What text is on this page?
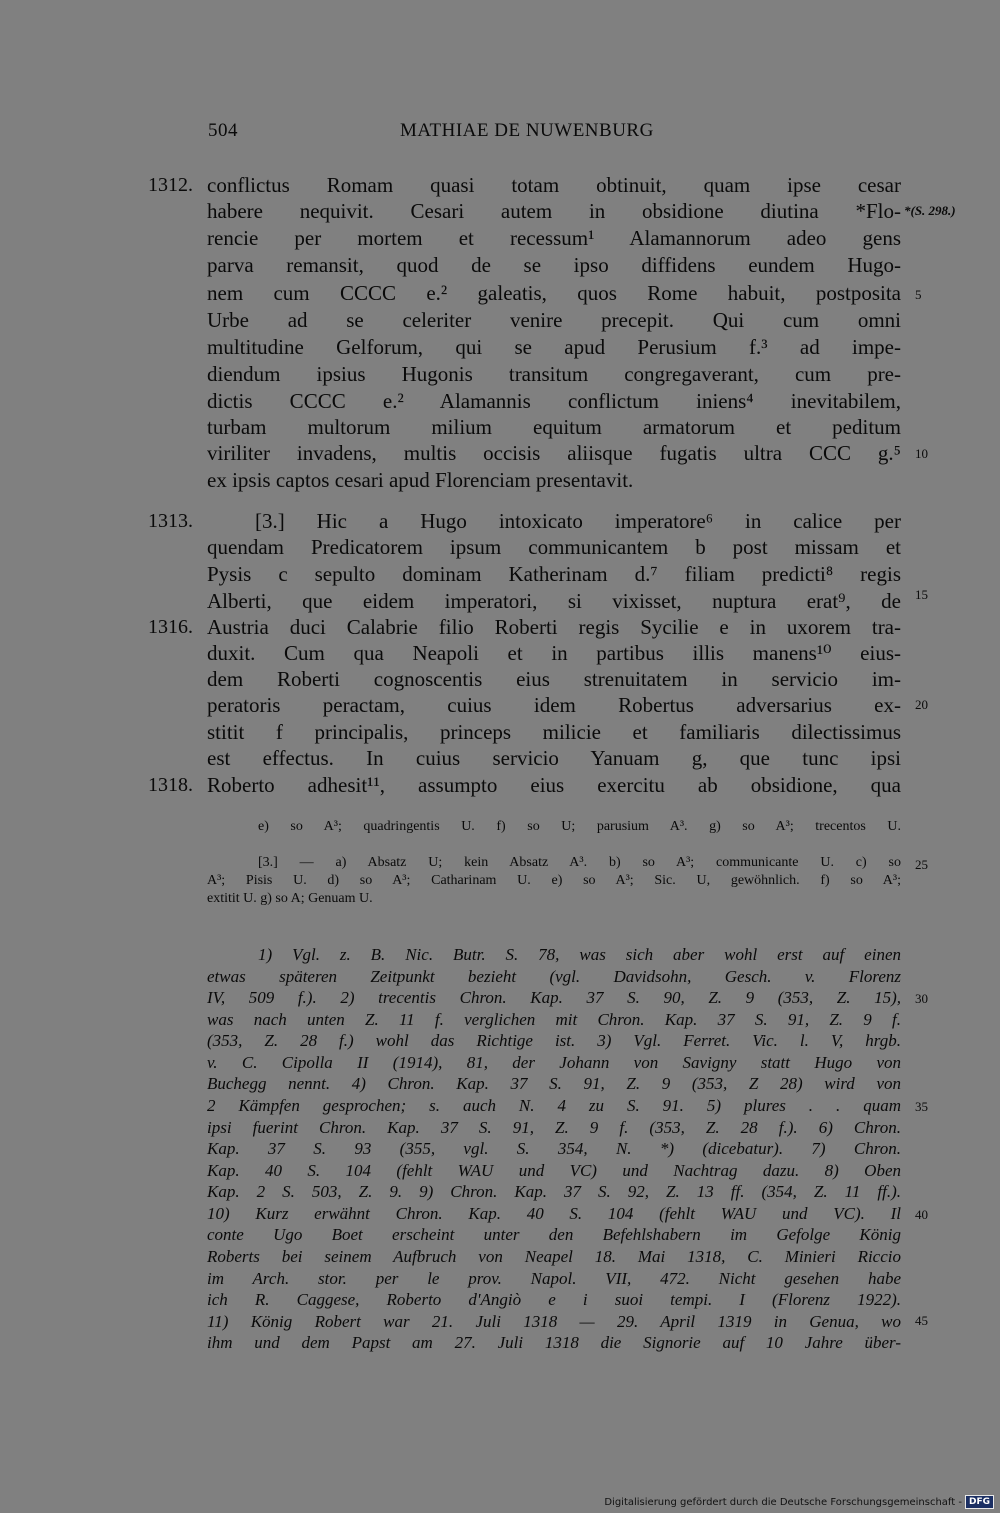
504	MATHIAE DE NUWENBURG
1312.
1313.
1316.
1318.
*(S. 298.)
5
10
15
20
25
30
35
40
45
conflictus Romam quasi totam obtinuit, quam ipse cesar
habere nequivit. Cesari autem in obsidione diutina *Flo-
rencie per mortem et recessum¹ Alamannorum adeo gens
parva remansit, quod de se ipso diffidens eundem Hugo-
nem cum CCCC e.² galeatis, quos Rome habuit, postposita
Urbe ad se celeriter venire precepit. Qui cum omni
multitudine Gelforum, qui se apud Perusium f.³ ad impe-
diendum ipsius Hugonis transitum congregaverant, cum pre-
dictis CCCC e.² Alamannis conflictum iniens⁴ inevitabilem,
turbam multorum milium equitum armatorum et peditum
viriliter invadens, multis occisis aliisque fugatis ultra CCC g.⁵
ex ipsis captos cesari apud Florenciam presentavit.
[3.] Hic a Hugo intoxicato imperatore⁶ in calice per
quendam Predicatorem ipsum communicantem b post missam et
Pysis c sepulto dominam Katherinam d.⁷ filiam predicti⁸ regis
Alberti, que eidem imperatori, si vixisset, nuptura erat⁹, de
Austria duci Calabrie filio Roberti regis Sycilie e in uxorem tra-
duxit. Cum qua Neapoli et in partibus illis manens¹⁰ eius-
dem Roberti cognoscentis eius strenuitatem in servicio im-
peratoris peractam, cuius idem Robertus adversarius ex-
stitit f principalis, princeps milicie et familiaris dilectissimus
est effectus. In cuius servicio Yanuam g, que tunc ipsi
Roberto adhesit¹¹, assumpto eius exercitu ab obsidione, qua
e) so A³; quadringentis U. f) so U; parusium A³. g) so A³; trecentos U.
[3.] — a) Absatz U; kein Absatz A³. b) so A³; communicante U. c) so
A³; Pisis U. d) so A³; Catharinam U. e) so A³; Sic. U, gewöhnlich. f) so A³;
extitit U. g) so A; Genuam U.
1) Vgl. z. B. Nic. Butr. S. 78, was sich aber wohl erst auf einen
etwas späteren Zeitpunkt bezieht (vgl. Davidsohn, Gesch. v. Florenz
IV, 509 f.). 2) trecentis Chron. Kap. 37 S. 90, Z. 9 (353, Z. 15),
was nach unten Z. 11 f. verglichen mit Chron. Kap. 37 S. 91, Z. 9 f.
(353, Z. 28 f.) wohl das Richtige ist. 3) Vgl. Ferret. Vic. l. V, hrgb.
v. C. Cipolla II (1914), 81, der Johann von Savigny statt Hugo von
Buchegg nennt. 4) Chron. Kap. 37 S. 91, Z. 9 (353, Z 28) wird von
2 Kämpfen gesprochen; s. auch N. 4 zu S. 91. 5) plures . . quam
ipsi fuerint Chron. Kap. 37 S. 91, Z. 9 f. (353, Z. 28 f.). 6) Chron.
Kap. 37 S. 93 (355, vgl. S. 354, N. *) (dicebatur). 7) Chron.
Kap. 40 S. 104 (fehlt WAU und VC) und Nachtrag dazu. 8) Oben
Kap. 2 S. 503, Z. 9. 9) Chron. Kap. 37 S. 92, Z. 13 ff. (354, Z. 11 ff.).
10) Kurz erwähnt Chron. Kap. 40 S. 104 (fehlt WAU und VC). Il
conte Ugo Boet erscheint unter den Befehlshabern im Gefolge König
Roberts bei seinem Aufbruch von Neapel 18. Mai 1318, C. Minieri Riccio
im Arch. stor. per le prov. Napol. VII, 472. Nicht gesehen habe
ich R. Caggese, Roberto d'Angiò e i suoi tempi. I (Florenz 1922).
11) König Robert war 21. Juli 1318 — 29. April 1319 in Genua, wo
ihm und dem Papst am 27. Juli 1318 die Signorie auf 10 Jahre über-
Digitalisierung gefördert durch die Deutsche Forschungsgemeinschaft - DFG
